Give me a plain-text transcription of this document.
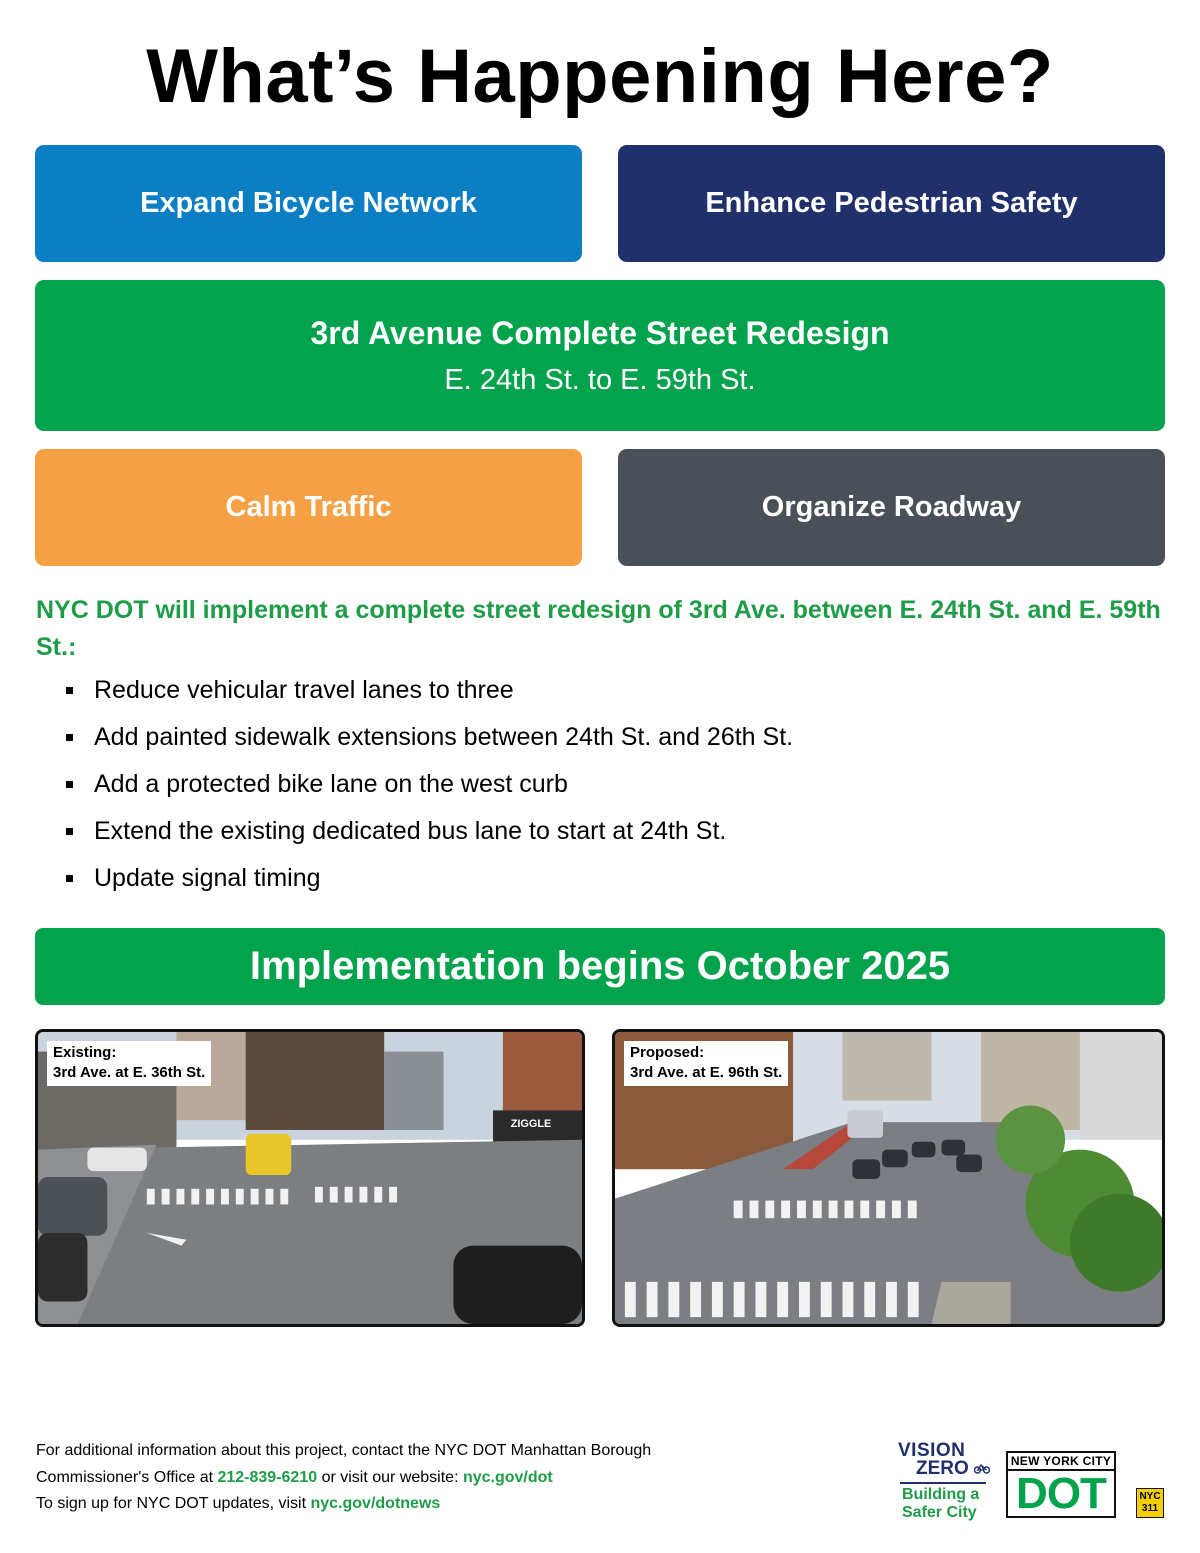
What’s Happening Here?
Expand Bicycle Network	Enhance Pedestrian Safety
3rd Avenue Complete Street Redesign
E. 24th St. to E. 59th St.
Calm Traffic	Organize Roadway
NYC DOT will implement a complete street redesign of 3rd Ave. between E. 24th St. and E. 59th St.:
Reduce vehicular travel lanes to three
Add painted sidewalk extensions between 24th St. and 26th St.
Add a protected bike lane on the west curb
Extend the existing dedicated bus lane to start at 24th St.
Update signal timing
Implementation begins October 2025
ZIGGLE
Existing:
3rd Ave. at E. 36th St.
Proposed:
3rd Ave. at E. 96th St.
For additional information about this project, contact the NYC DOT Manhattan Borough
Commissioner's Office at 212-839-6210 or visit our website: nyc.gov/dot
To sign up for NYC DOT updates, visit nyc.gov/dotnews
VISION
ZERO
Building a
Safer City
NEW YORK CITY
DOT	NYC
311
